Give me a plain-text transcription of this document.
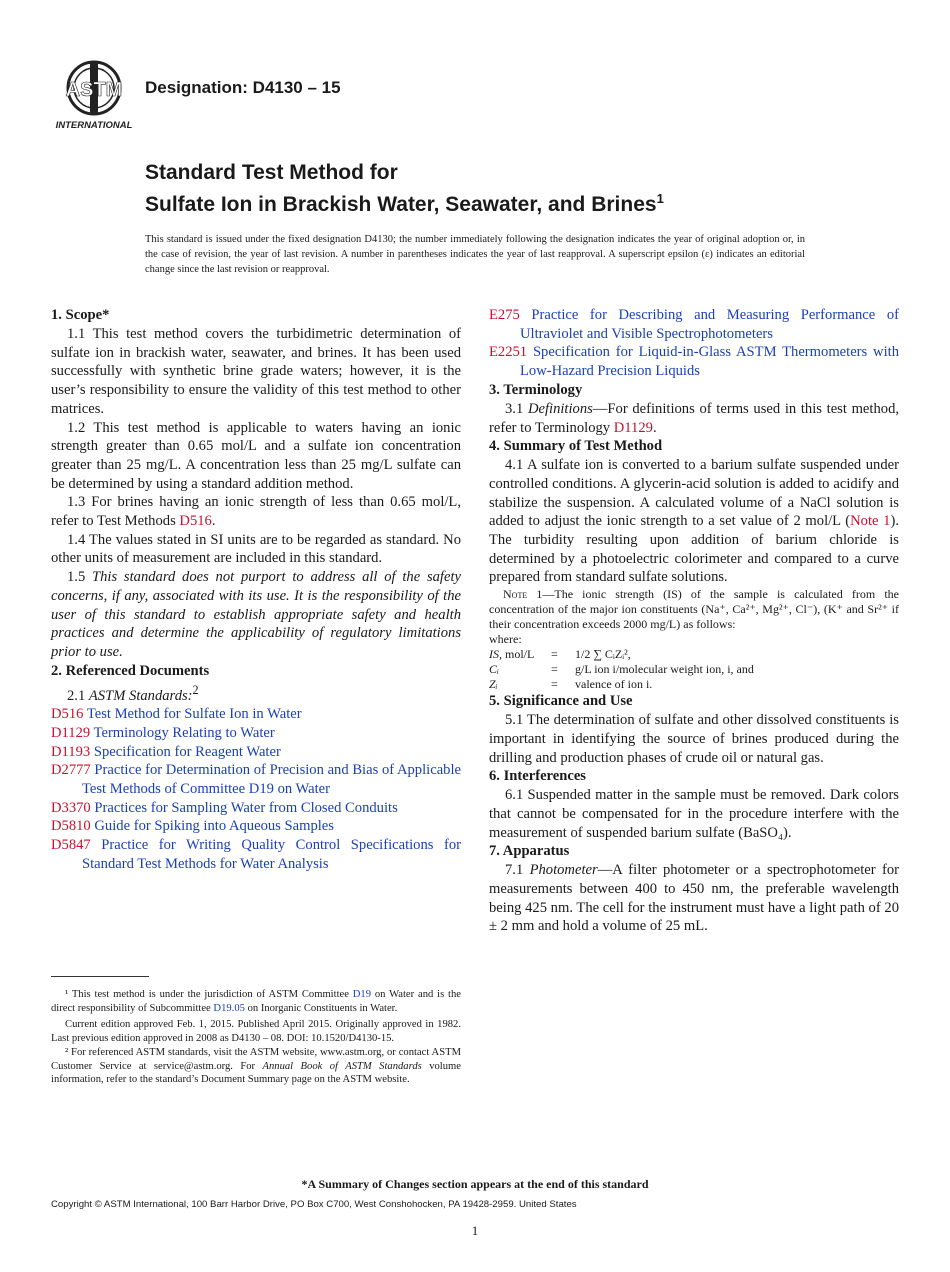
ASTM
INTERNATIONAL
Designation: D4130 – 15
Standard Test Method for
Sulfate Ion in Brackish Water, Seawater, and Brines$^1$
This standard is issued under the fixed designation D4130; the number immediately following the designation indicates the year of original adoption or, in the case of revision, the year of last revision. A number in parentheses indicates the year of last reapproval. A superscript epsilon (ε) indicates an editorial change since the last revision or reapproval.
1. Scope*

1.1 This test method covers the turbidimetric determination of sulfate ion in brackish water, seawater, and brines. It has been used successfully with synthetic brine grade waters; however, it is the user’s responsibility to ensure the validity of this test method to other matrices.

1.2 This test method is applicable to waters having an ionic strength greater than 0.65 mol/L and a sulfate ion concentration greater than 25 mg/L. A concentration less than 25 mg/L sulfate can be determined by using a standard addition method.

1.3 For brines having an ionic strength of less than 0.65 mol/L, refer to Test Methods D516.

1.4 The values stated in SI units are to be regarded as standard. No other units of measurement are included in this standard.

1.5 This standard does not purport to address all of the safety concerns, if any, associated with its use. It is the responsibility of the user of this standard to establish appropriate safety and health practices and determine the applicability of regulatory limitations prior to use.

2. Referenced Documents

2.1 ASTM Standards:$^2$

D516 Test Method for Sulfate Ion in Water

D1129 Terminology Relating to Water

D1193 Specification for Reagent Water

D2777 Practice for Determination of Precision and Bias of Applicable Test Methods of Committee D19 on Water

D3370 Practices for Sampling Water from Closed Conduits

D5810 Guide for Spiking into Aqueous Samples

D5847 Practice for Writing Quality Control Specifications for Standard Test Methods for Water Analysis

E275 Practice for Describing and Measuring Performance of Ultraviolet and Visible Spectrophotometers

E2251 Specification for Liquid-in-Glass ASTM Thermometers with Low-Hazard Precision Liquids

3. Terminology

3.1 Definitions—For definitions of terms used in this test method, refer to Terminology D1129.

4. Summary of Test Method

4.1 A sulfate ion is converted to a barium sulfate suspended under controlled conditions. A glycerin-acid solution is added to acidify and stabilize the suspension. A calculated volume of a NaCl solution is added to adjust the ionic strength to a set value of 2 mol/L (Note 1). The turbidity resulting upon addition of barium chloride is determined by a photoelectric colorimeter and compared to a curve prepared from standard sulfate solutions.

Note 1—The ionic strength (IS) of the sample is calculated from the concentration of the major ion constituents (Na⁺, Ca²⁺, Mg²⁺, Cl⁻), (K⁺ and Sr²⁺ if their concentration exceeds 2000 mg/L) as follows:

where:
IS, mol/L	=	1/2 ∑ CᵢZᵢ²,
Cᵢ	=	g/L ion i/molecular weight ion, i, and
Zᵢ	=	valence of ion i.
5. Significance and Use

5.1 The determination of sulfate and other dissolved constituents is important in identifying the source of brines produced during the drilling and production phases of crude oil or natural gas.

6. Interferences

6.1 Suspended matter in the sample must be removed. Dark colors that cannot be compensated for in the procedure interfere with the measurement of suspended barium sulfate (BaSO₄).

7. Apparatus

7.1 Photometer—A filter photometer or a spectrophotometer for measurements between 400 to 450 nm, the preferable wavelength being 425 nm. The cell for the instrument must have a light path of 20 ± 2 mm and hold a volume of 25 mL.

¹ This test method is under the jurisdiction of ASTM Committee D19 on Water and is the direct responsibility of Subcommittee D19.05 on Inorganic Constituents in Water.

Current edition approved Feb. 1, 2015. Published April 2015. Originally approved in 1982. Last previous edition approved in 2008 as D4130 – 08. DOI: 10.1520/D4130-15.

² For referenced ASTM standards, visit the ASTM website, www.astm.org, or contact ASTM Customer Service at service@astm.org. For Annual Book of ASTM Standards volume information, refer to the standard’s Document Summary page on the ASTM website.

*A Summary of Changes section appears at the end of this standard
Copyright © ASTM International, 100 Barr Harbor Drive, PO Box C700, West Conshohocken, PA 19428-2959. United States
1
